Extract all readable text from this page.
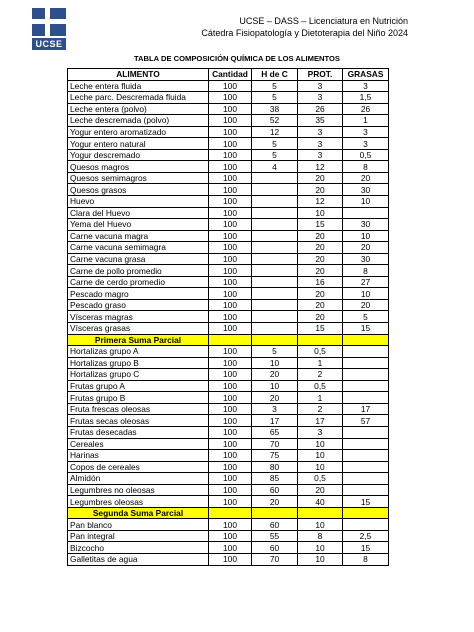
UCSE
UCSE – DASS – Licenciatura en Nutrición
Cátedra Fisiopatología y Dietoterapia del Niño 2024
TABLA DE COMPOSICIÓN QUÍMICA DE LOS ALIMENTOS
ALIMENTO	Cantidad	H de C	PROT.	GRASAS
Leche entera fluida	100	5	3	3
Leche parc. Descremada fluida	100	5	3	1,5
Leche entera (polvo)	100	38	26	26
Leche descremada (polvo)	100	52	35	1
Yogur entero aromatizado	100	12	3	3
Yogur entero natural	100	5	3	3
Yogur descremado	100	5	3	0,5
Quesos magros	100	4	12	8
Quesos semimagros	100		20	20
Quesos grasos	100		20	30
Huevo	100		12	10
Clara del Huevo	100		10	
Yema del Huevo	100		15	30
Carne vacuna magra	100		20	10
Carne vacuna semimagra	100		20	20
Carne vacuna grasa	100		20	30
Carne de pollo promedio	100		20	8
Carne de cerdo promedio	100		16	27
Pescado magro	100		20	10
Pescado graso	100		20	20
Vísceras magras	100		20	5
Vísceras grasas	100		15	15
Primera Suma Parcial				
Hortalizas grupo A	100	5	0,5	
Hortalizas grupo B	100	10	1	
Hortalizas grupo C	100	20	2	
Frutas grupo A	100	10	0,5	
Frutas grupo B	100	20	1	
Fruta frescas oleosas	100	3	2	17
Frutas secas oleosas	100	17	17	57
Frutas desecadas	100	65	3	
Cereales	100	70	10	
Harinas	100	75	10	
Copos de cereales	100	80	10	
Almidón	100	85	0,5	
Legumbres no oleosas	100	60	20	
Legumbres oleosas	100	20	40	15
Segunda Suma Parcial				
Pan blanco	100	60	10	
Pan integral	100	55	8	2,5
Bizcocho	100	60	10	15
Galletitas de agua	100	70	10	8
